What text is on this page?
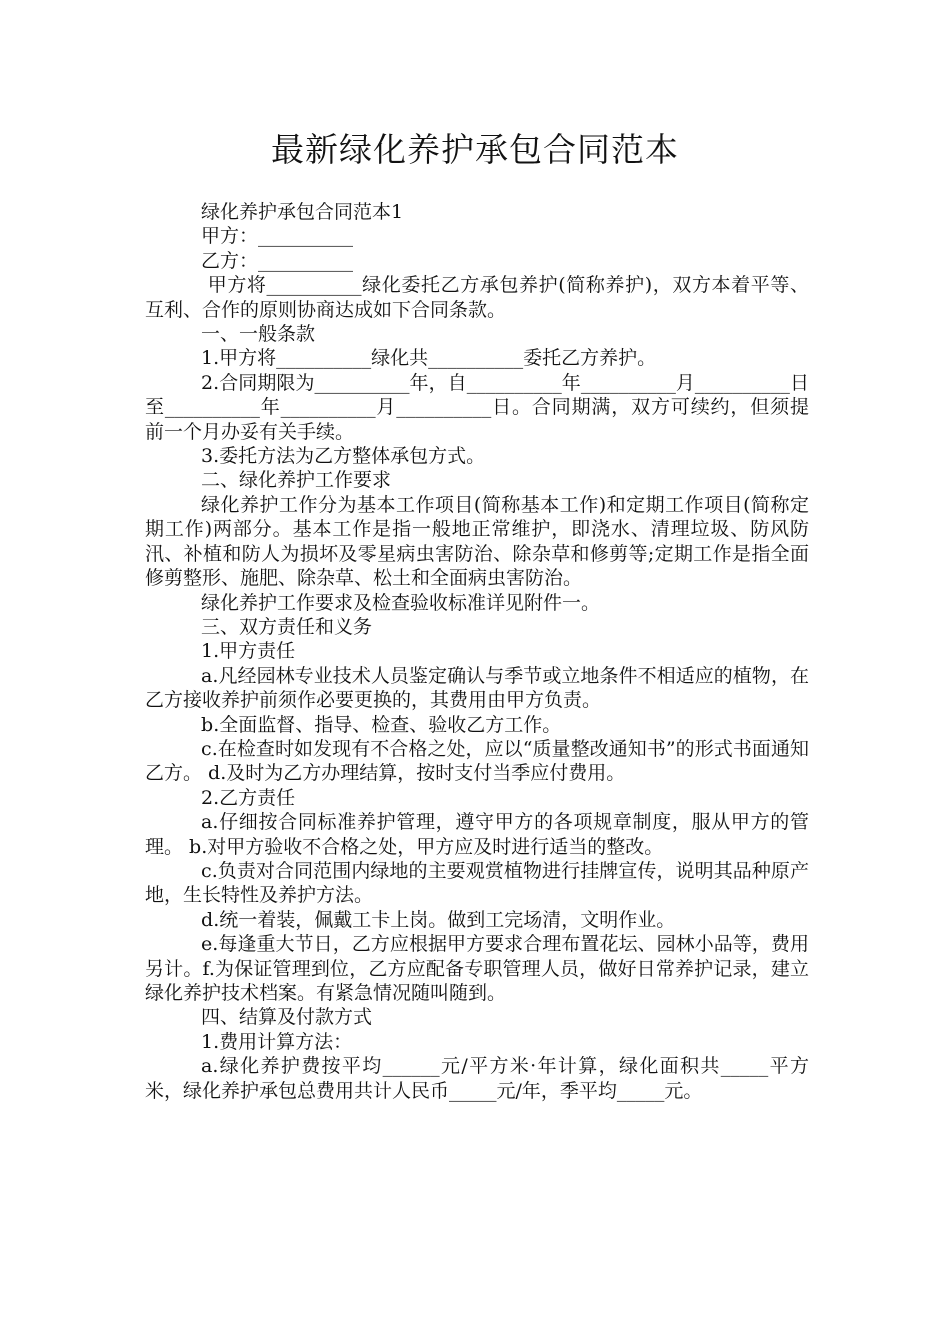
最新绿化养护承包合同范本

绿化养护承包合同范本1

甲方：__________

乙方：__________

甲方将__________绿化委托乙方承包养护(简称养护)，双方本着平等、互利、合作的原则协商达成如下合同条款。

一、一般条款

1.甲方将__________绿化共__________委托乙方养护。

2.合同期限为__________年，自__________年__________月__________日至__________年__________月__________日。合同期满，双方可续约，但须提前一个月办妥有关手续。

3.委托方法为乙方整体承包方式。

二、绿化养护工作要求

绿化养护工作分为基本工作项目(简称基本工作)和定期工作项目(简称定期工作)两部分。基本工作是指一般地正常维护，即浇水、清理垃圾、防风防汛、补植和防人为损坏及零星病虫害防治、除杂草和修剪等;定期工作是指全面修剪整形、施肥、除杂草、松土和全面病虫害防治。

绿化养护工作要求及检查验收标准详见附件一。

三、双方责任和义务

1.甲方责任

a.凡经园林专业技术人员鉴定确认与季节或立地条件不相适应的植物，在乙方接收养护前须作必要更换的，其费用由甲方负责。

b.全面监督、指导、检查、验收乙方工作。

c.在检查时如发现有不合格之处，应以“质量整改通知书”的形式书面通知乙方。 d.及时为乙方办理结算，按时支付当季应付费用。

2.乙方责任

a.仔细按合同标准养护管理，遵守甲方的各项规章制度，服从甲方的管理。 b.对甲方验收不合格之处，甲方应及时进行适当的整改。

c.负责对合同范围内绿地的主要观赏植物进行挂牌宣传，说明其品种原产地，生长特性及养护方法。

d.统一着装，佩戴工卡上岗。做到工完场清，文明作业。

e.每逢重大节日，乙方应根据甲方要求合理布置花坛、园林小品等，费用另计。f.为保证管理到位，乙方应配备专职管理人员，做好日常养护记录，建立绿化养护技术档案。有紧急情况随叫随到。

四、结算及付款方式

1.费用计算方法：

a.绿化养护费按平均______元/平方米·年计算，绿化面积共_____平方米，绿化养护承包总费用共计人民币_____元/年，季平均_____元。
